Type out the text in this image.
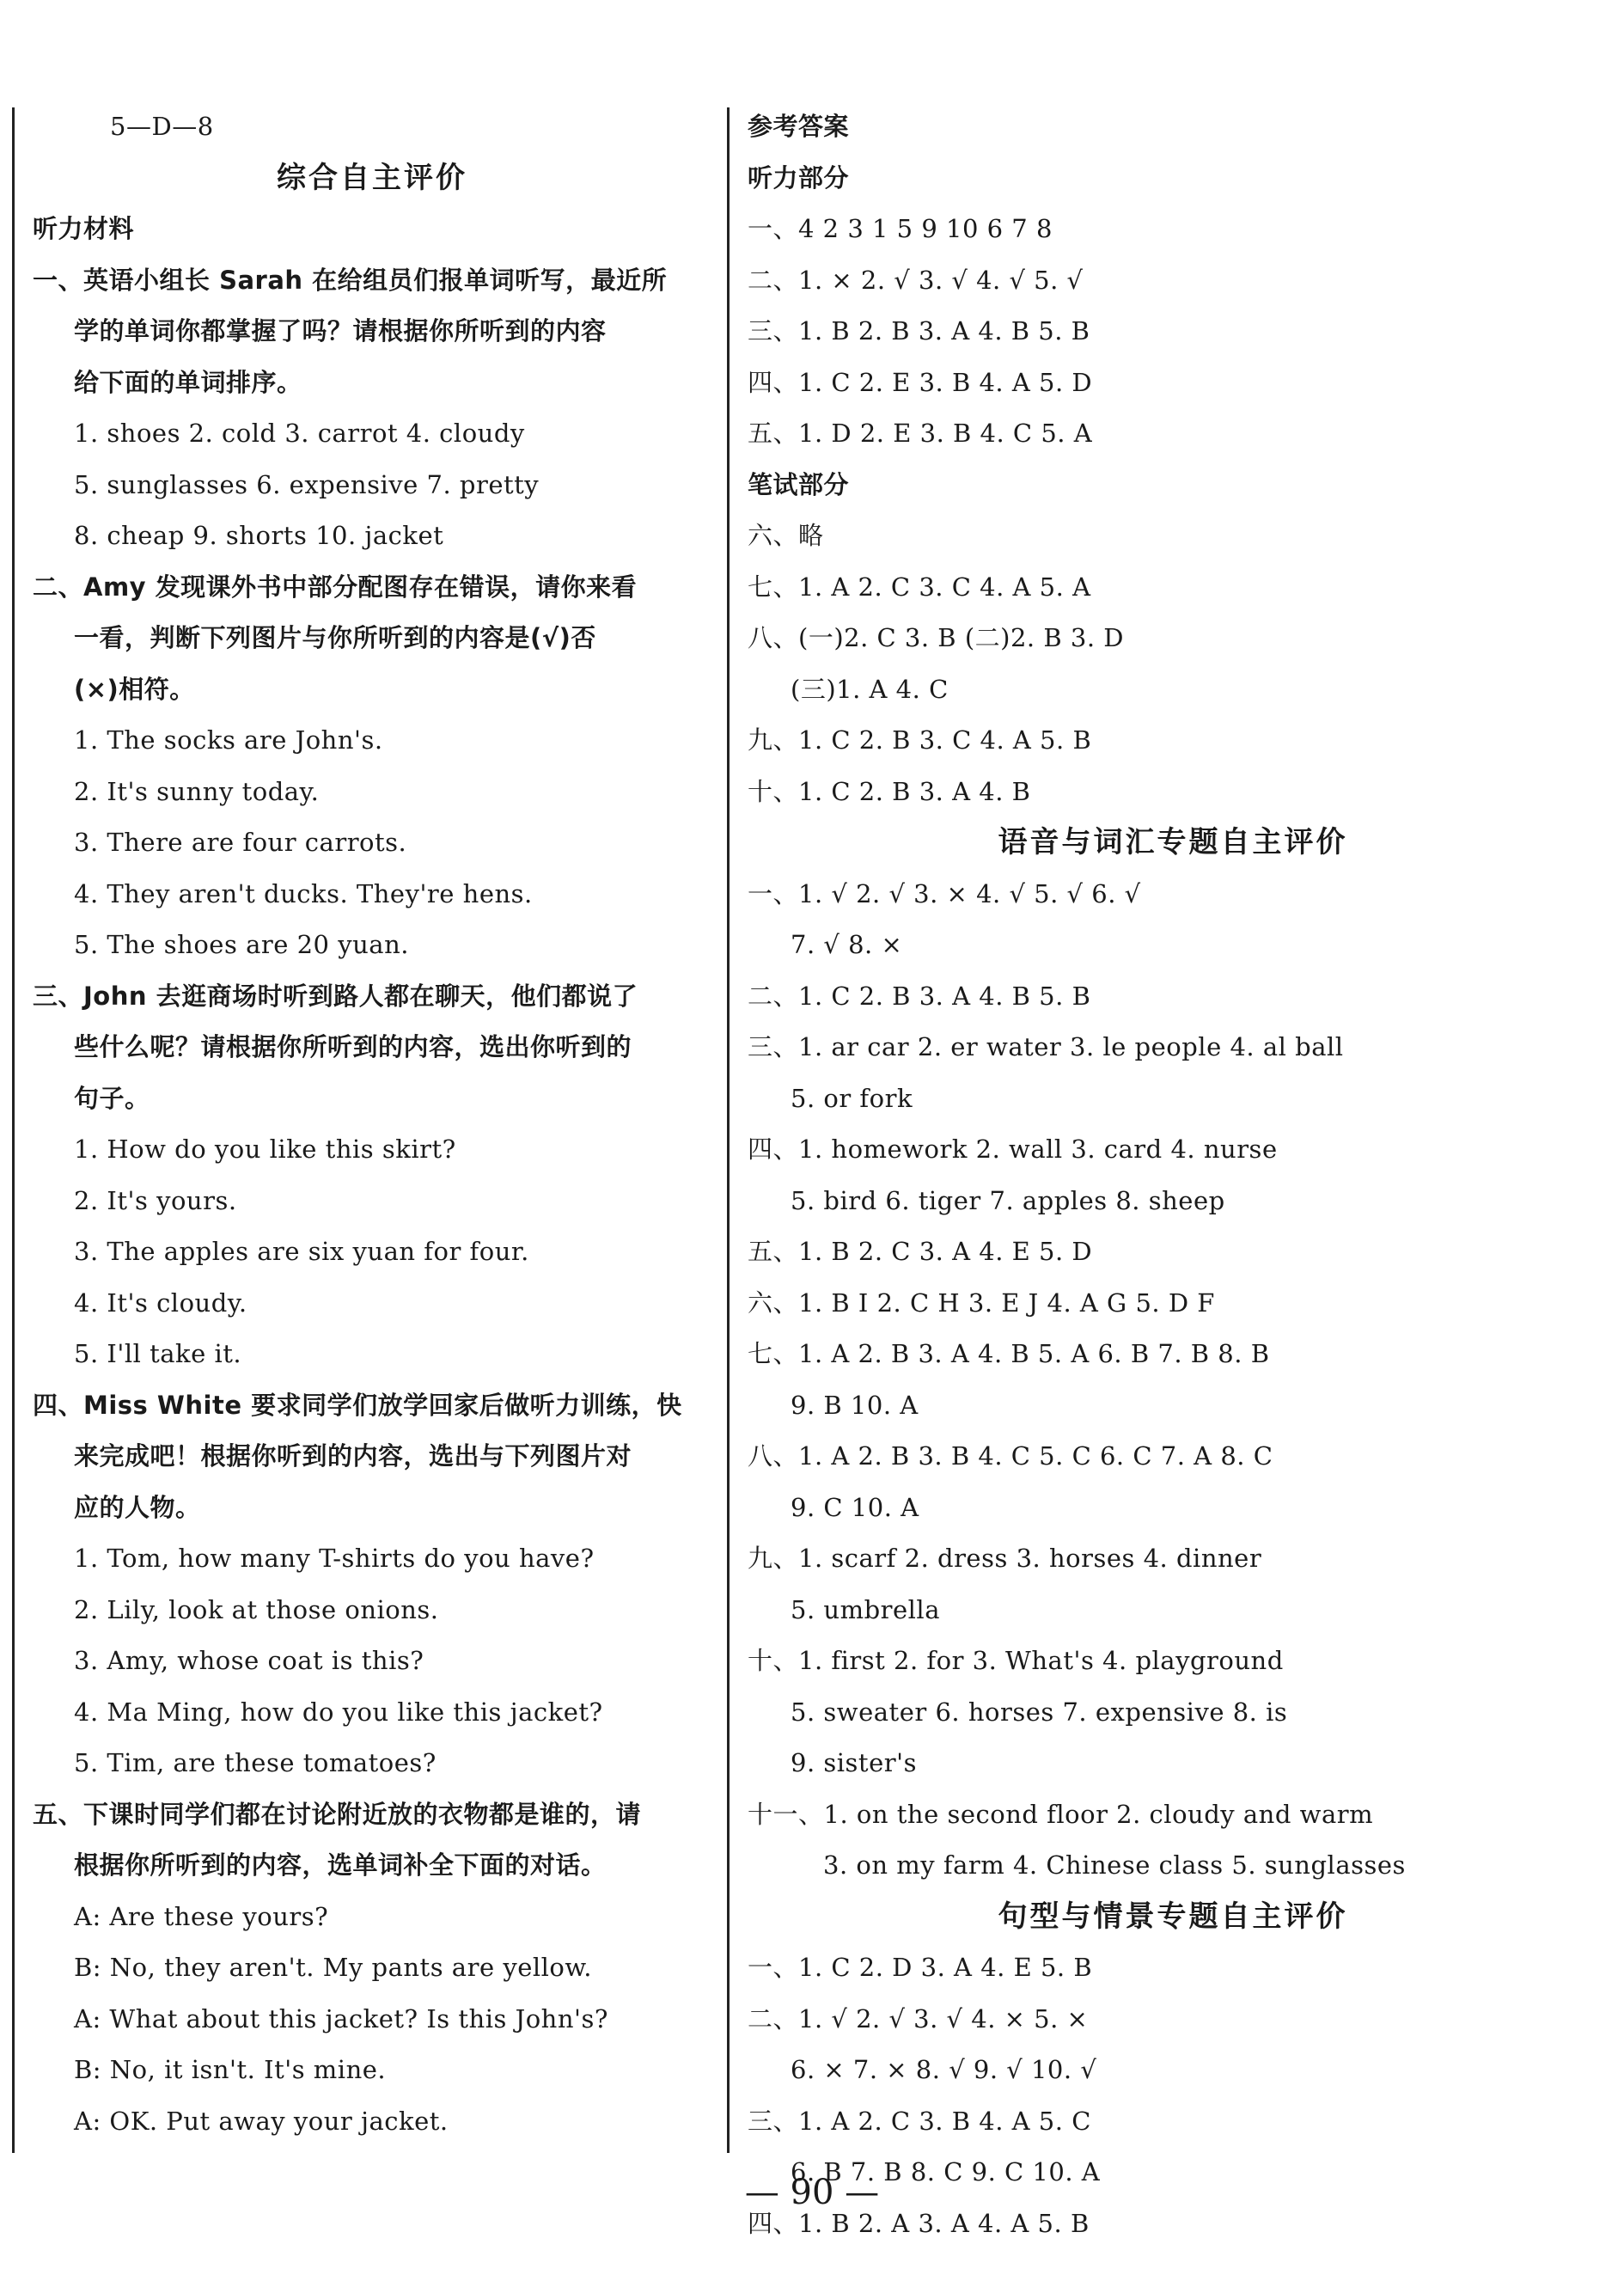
5—D—8
综合自主评价
听力材料
一、英语小组长 Sarah 在给组员们报单词听写，最近所
学的单词你都掌握了吗？请根据你所听到的内容
给下面的单词排序。
1. shoes 2. cold 3. carrot 4. cloudy
5. sunglasses 6. expensive 7. pretty
8. cheap 9. shorts 10. jacket
二、Amy 发现课外书中部分配图存在错误，请你来看
一看，判断下列图片与你所听到的内容是(√)否
(×)相符。
1. The socks are John's.
2. It's sunny today.
3. There are four carrots.
4. They aren't ducks. They're hens.
5. The shoes are 20 yuan.
三、John 去逛商场时听到路人都在聊天，他们都说了
些什么呢？请根据你所听到的内容，选出你听到的
句子。
1. How do you like this skirt?
2. It's yours.
3. The apples are six yuan for four.
4. It's cloudy.
5. I'll take it.
四、Miss White 要求同学们放学回家后做听力训练，快
来完成吧！根据你听到的内容，选出与下列图片对
应的人物。
1. Tom, how many T-shirts do you have?
2. Lily, look at those onions.
3. Amy, whose coat is this?
4. Ma Ming, how do you like this jacket?
5. Tim, are these tomatoes?
五、下课时同学们都在讨论附近放的衣物都是谁的，请
根据你所听到的内容，选单词补全下面的对话。
A: Are these yours?
B: No, they aren't. My pants are yellow.
A: What about this jacket? Is this John's?
B: No, it isn't. It's mine.
A: OK. Put away your jacket.
参考答案
听力部分
一、4 2 3 1 5 9 10 6 7 8
二、1. × 2. √ 3. √ 4. √ 5. √
三、1. B 2. B 3. A 4. B 5. B
四、1. C 2. E 3. B 4. A 5. D
五、1. D 2. E 3. B 4. C 5. A
笔试部分
六、略
七、1. A 2. C 3. C 4. A 5. A
八、(一)2. C 3. B (二)2. B 3. D
(三)1. A 4. C
九、1. C 2. B 3. C 4. A 5. B
十、1. C 2. B 3. A 4. B
语音与词汇专题自主评价
一、1. √ 2. √ 3. × 4. √ 5. √ 6. √
7. √ 8. ×
二、1. C 2. B 3. A 4. B 5. B
三、1. ar car 2. er water 3. le people 4. al ball
5. or fork
四、1. homework 2. wall 3. card 4. nurse
5. bird 6. tiger 7. apples 8. sheep
五、1. B 2. C 3. A 4. E 5. D
六、1. B I 2. C H 3. E J 4. A G 5. D F
七、1. A 2. B 3. A 4. B 5. A 6. B 7. B 8. B
9. B 10. A
八、1. A 2. B 3. B 4. C 5. C 6. C 7. A 8. C
9. C 10. A
九、1. scarf 2. dress 3. horses 4. dinner
5. umbrella
十、1. first 2. for 3. What's 4. playground
5. sweater 6. horses 7. expensive 8. is
9. sister's
十一、1. on the second floor 2. cloudy and warm
3. on my farm 4. Chinese class 5. sunglasses
句型与情景专题自主评价
一、1. C 2. D 3. A 4. E 5. B
二、1. √ 2. √ 3. √ 4. × 5. ×
6. × 7. × 8. √ 9. √ 10. √
三、1. A 2. C 3. B 4. A 5. C
6. B 7. B 8. C 9. C 10. A
四、1. B 2. A 3. A 4. A 5. B
— 90 —
